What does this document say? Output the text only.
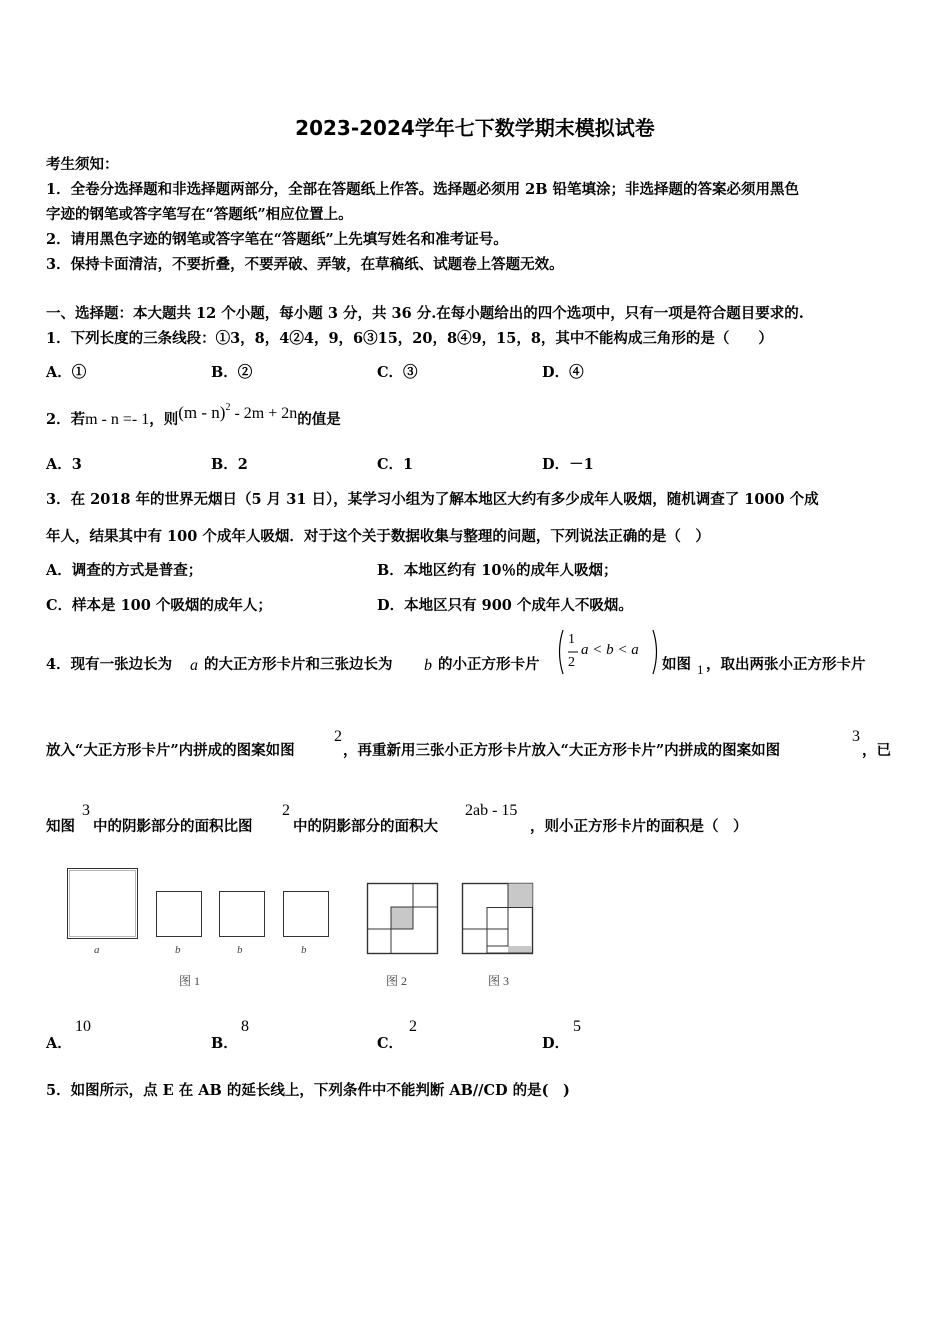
2023-2024学年七下数学期末模拟试卷
考生须知：
1．全卷分选择题和非选择题两部分，全部在答题纸上作答。选择题必须用 2B 铅笔填涂；非选择题的答案必须用黑色
字迹的钢笔或答字笔写在“答题纸”相应位置上。
2．请用黑色字迹的钢笔或答字笔在“答题纸”上先填写姓名和准考证号。
3．保持卡面清洁，不要折叠，不要弄破、弄皱，在草稿纸、试题卷上答题无效。
一、选择题：本大题共 12 个小题，每小题 3 分，共 36 分.在每小题给出的四个选项中，只有一项是符合题目要求的.
1．下列长度的三条线段：①3，8，4②4，9，6③15，20，8④9，15，8，其中不能构成三角形的是（　　）
A．①	B．②	C．③	D．④
2．若m - n =- 1，则(m - n)$^2$ - 2m + 2n的值是
A．3	B．2	C．1	D．－1
3．在 2018 年的世界无烟日（5 月 31 日），某学习小组为了解本地区大约有多少成年人吸烟，随机调查了 1000 个成
年人，结果其中有 100 个成年人吸烟．对于这个关于数据收集与整理的问题，下列说法正确的是（　）
A．调查的方式是普查；	B．本地区约有 10％的成年人吸烟；
C．样本是 100 个吸烟的成年人；	D．本地区只有 900 个成年人不吸烟。
4．现有一张边长为 a 的大正方形卡片和三张边长为 b 的小正方形卡片
1
2
a < b < a
如图 1 ，取出两张小正方形卡片
放入“大正方形卡片”内拼成的图案如图
2
，再重新用三张小正方形卡片放入“大正方形卡片”内拼成的图案如图
3
，已
知图
3
中的阴影部分的面积比图
2
中的阴影部分的面积大
2ab - 15
，则小正方形卡片的面积是（　）
a	b	b	b
图 1	图 2	图 3
A．
10
B．
8
C．
2
D．
5
5．如图所示，点 E 在 AB 的延长线上，下列条件中不能判断 AB//CD 的是(　)
